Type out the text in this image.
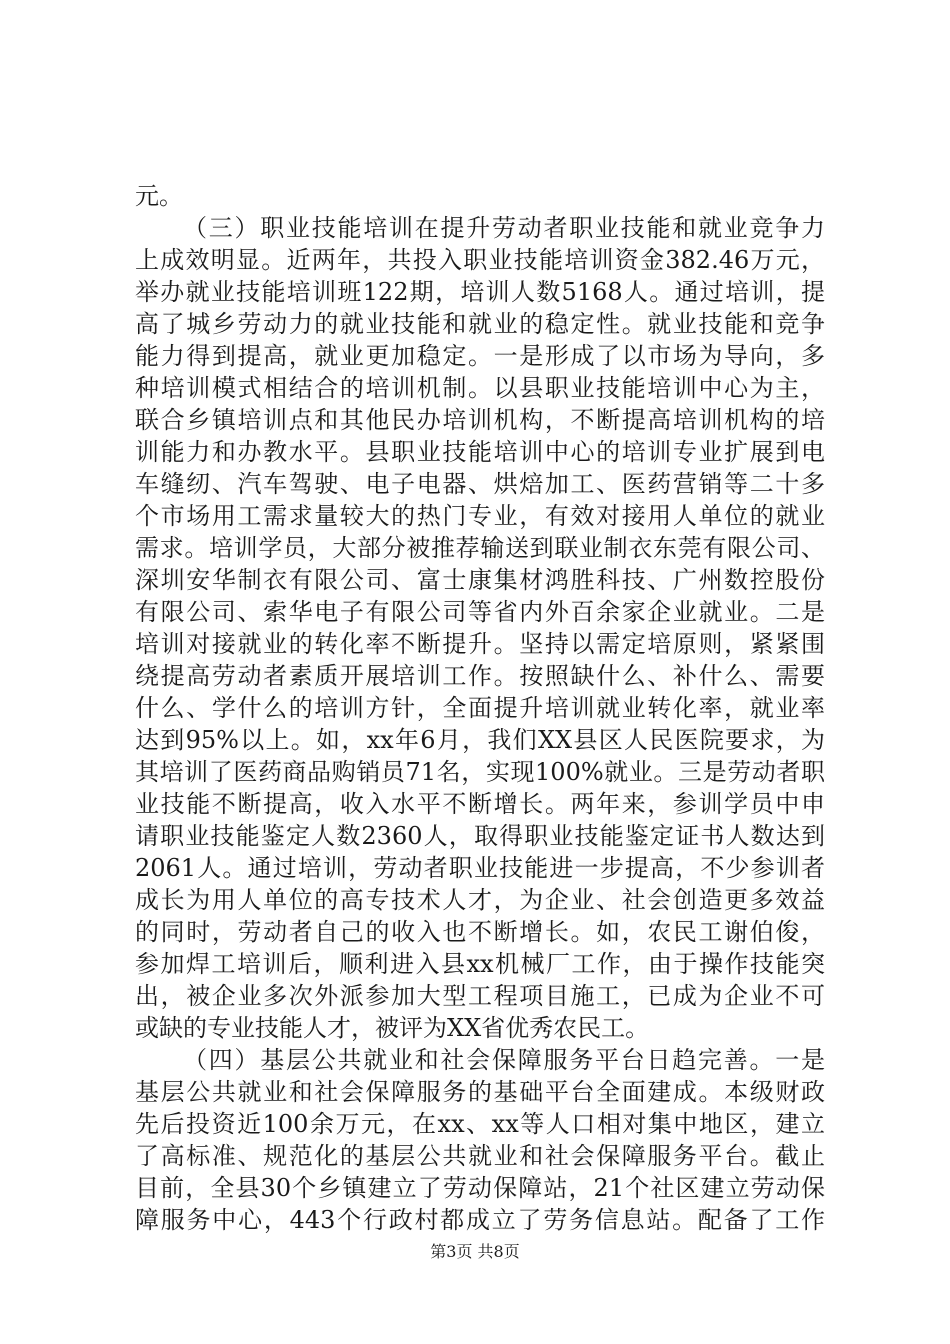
元。
（三）职业技能培训在提升劳动者职业技能和就业竞争力
上成效明显。近两年，共投入职业技能培训资金382.46万元，
举办就业技能培训班122期，培训人数5168人。通过培训，提
高了城乡劳动力的就业技能和就业的稳定性。就业技能和竞争
能力得到提高，就业更加稳定。一是形成了以市场为导向，多
种培训模式相结合的培训机制。以县职业技能培训中心为主，
联合乡镇培训点和其他民办培训机构，不断提高培训机构的培
训能力和办教水平。县职业技能培训中心的培训专业扩展到电
车缝纫、汽车驾驶、电子电器、烘焙加工、医药营销等二十多
个市场用工需求量较大的热门专业，有效对接用人单位的就业
需求。培训学员，大部分被推荐输送到联业制衣东莞有限公司、
深圳安华制衣有限公司、富士康集材鸿胜科技、广州数控股份
有限公司、索华电子有限公司等省内外百余家企业就业。二是
培训对接就业的转化率不断提升。坚持以需定培原则，紧紧围
绕提高劳动者素质开展培训工作。按照缺什么、补什么、需要
什么、学什么的培训方针，全面提升培训就业转化率，就业率
达到95%以上。如，xx年6月，我们XX县区人民医院要求，为
其培训了医药商品购销员71名，实现100%就业。三是劳动者职
业技能不断提高，收入水平不断增长。两年来，参训学员中申
请职业技能鉴定人数2360人，取得职业技能鉴定证书人数达到
2061人。通过培训，劳动者职业技能进一步提高，不少参训者
成长为用人单位的高专技术人才，为企业、社会创造更多效益
的同时，劳动者自己的收入也不断增长。如，农民工谢伯俊，
参加焊工培训后，顺利进入县xx机械厂工作，由于操作技能突
出，被企业多次外派参加大型工程项目施工，已成为企业不可
或缺的专业技能人才，被评为XX省优秀农民工。
（四）基层公共就业和社会保障服务平台日趋完善。一是
基层公共就业和社会保障服务的基础平台全面建成。本级财政
先后投资近100余万元，在xx、xx等人口相对集中地区，建立
了高标准、规范化的基层公共就业和社会保障服务平台。截止
目前，全县30个乡镇建立了劳动保障站，21个社区建立劳动保
障服务中心，443个行政村都成立了劳务信息站。配备了工作
第3页 共8页
